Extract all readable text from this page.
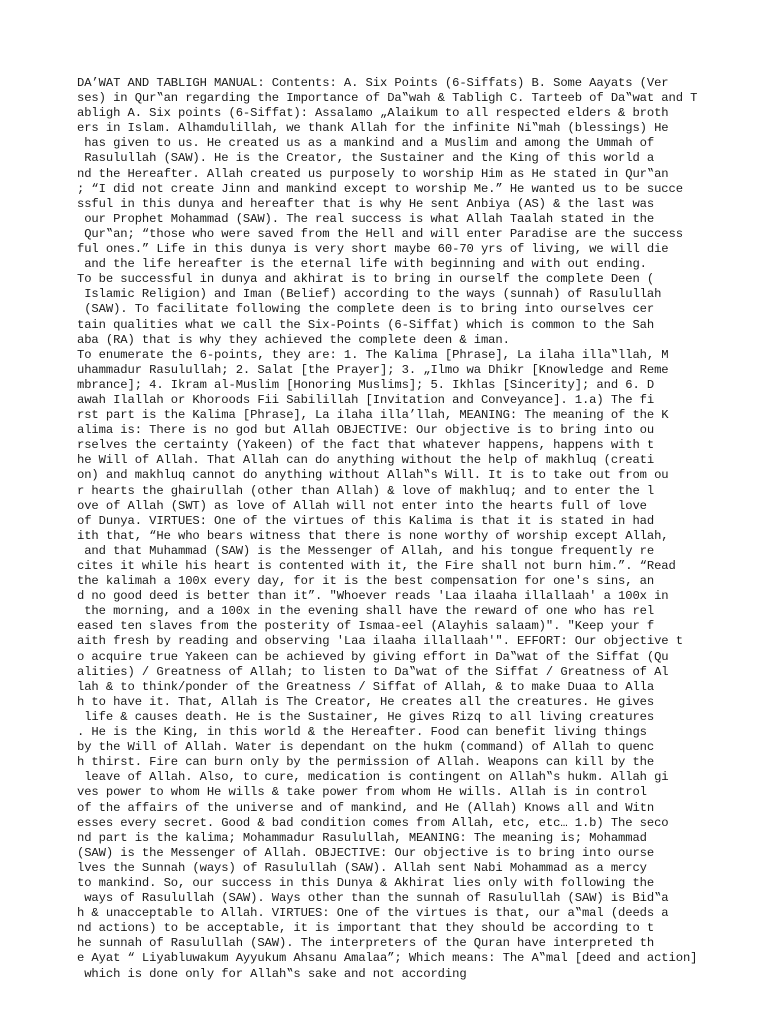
DA’WAT AND TABLIGH MANUAL: Contents: A. Six Points (6-Siffats) B. Some Aayats (Ver
ses) in Qur‟an regarding the Importance of Da‟wah & Tabligh C. Tarteeb of Da‟wat and T
abligh A. Six points (6-Siffat): Assalamo „Alaikum to all respected elders & broth
ers in Islam. Alhamdulillah, we thank Allah for the infinite Ni‟mah (blessings) He
has given to us. He created us as a mankind and a Muslim and among the Ummah of
Rasulullah (SAW). He is the Creator, the Sustainer and the King of this world a
nd the Hereafter. Allah created us purposely to worship Him as He stated in Qur‟an
; “I did not create Jinn and mankind except to worship Me.” He wanted us to be succe
ssful in this dunya and hereafter that is why He sent Anbiya (AS) & the last was
our Prophet Mohammad (SAW). The real success is what Allah Taalah stated in the
Qur‟an; “those who were saved from the Hell and will enter Paradise are the success
ful ones.” Life in this dunya is very short maybe 60-70 yrs of living, we will die
and the life hereafter is the eternal life with beginning and with out ending.
To be successful in dunya and akhirat is to bring in ourself the complete Deen (
Islamic Religion) and Iman (Belief) according to the ways (sunnah) of Rasulullah
(SAW). To facilitate following the complete deen is to bring into ourselves cer
tain qualities what we call the Six-Points (6-Siffat) which is common to the Sah
aba (RA) that is why they achieved the complete deen & iman.
To enumerate the 6-points, they are: 1. The Kalima [Phrase], La ilaha illa‟llah, M
uhammadur Rasulullah; 2. Salat [the Prayer]; 3. „Ilmo wa Dhikr [Knowledge and Reme
mbrance]; 4. Ikram al-Muslim [Honoring Muslims]; 5. Ikhlas [Sincerity]; and 6. D
awah Ilallah or Khoroods Fii Sabilillah [Invitation and Conveyance]. 1.a) The fi
rst part is the Kalima [Phrase], La ilaha illa’llah, MEANING: The meaning of the K
alima is: There is no god but Allah OBJECTIVE: Our objective is to bring into ou
rselves the certainty (Yakeen) of the fact that whatever happens, happens with t
he Will of Allah. That Allah can do anything without the help of makhluq (creati
on) and makhluq cannot do anything without Allah‟s Will. It is to take out from ou
r hearts the ghairullah (other than Allah) & love of makhluq; and to enter the l
ove of Allah (SWT) as love of Allah will not enter into the hearts full of love
of Dunya. VIRTUES: One of the virtues of this Kalima is that it is stated in had
ith that, “He who bears witness that there is none worthy of worship except Allah,
and that Muhammad (SAW) is the Messenger of Allah, and his tongue frequently re
cites it while his heart is contented with it, the Fire shall not burn him.”. “Read
the kalimah a 100x every day, for it is the best compensation for one's sins, an
d no good deed is better than it”. "Whoever reads 'Laa ilaaha illallaah' a 100x in
the morning, and a 100x in the evening shall have the reward of one who has rel
eased ten slaves from the posterity of Ismaa-eel (Alayhis salaam)". "Keep your f
aith fresh by reading and observing 'Laa ilaaha illallaah'". EFFORT: Our objective t
o acquire true Yakeen can be achieved by giving effort in Da‟wat of the Siffat (Qu
alities) / Greatness of Allah; to listen to Da‟wat of the Siffat / Greatness of Al
lah & to think/ponder of the Greatness / Siffat of Allah, & to make Duaa to Alla
h to have it. That, Allah is The Creator, He creates all the creatures. He gives
life & causes death. He is the Sustainer, He gives Rizq to all living creatures
. He is the King, in this world & the Hereafter. Food can benefit living things
by the Will of Allah. Water is dependant on the hukm (command) of Allah to quenc
h thirst. Fire can burn only by the permission of Allah. Weapons can kill by the
leave of Allah. Also, to cure, medication is contingent on Allah‟s hukm. Allah gi
ves power to whom He wills & take power from whom He wills. Allah is in control
of the affairs of the universe and of mankind, and He (Allah) Knows all and Witn
esses every secret. Good & bad condition comes from Allah, etc, etc… 1.b) The seco
nd part is the kalima; Mohammadur Rasulullah, MEANING: The meaning is; Mohammad
(SAW) is the Messenger of Allah. OBJECTIVE: Our objective is to bring into ourse
lves the Sunnah (ways) of Rasulullah (SAW). Allah sent Nabi Mohammad as a mercy
to mankind. So, our success in this Dunya & Akhirat lies only with following the
ways of Rasulullah (SAW). Ways other than the sunnah of Rasulullah (SAW) is Bid‟a
h & unacceptable to Allah. VIRTUES: One of the virtues is that, our a‟mal (deeds a
nd actions) to be acceptable, it is important that they should be according to t
he sunnah of Rasulullah (SAW). The interpreters of the Quran have interpreted th
e Ayat “ Liyabluwakum Ayyukum Ahsanu Amalaa”; Which means: The A‟mal [deed and action]
which is done only for Allah‟s sake and not according
